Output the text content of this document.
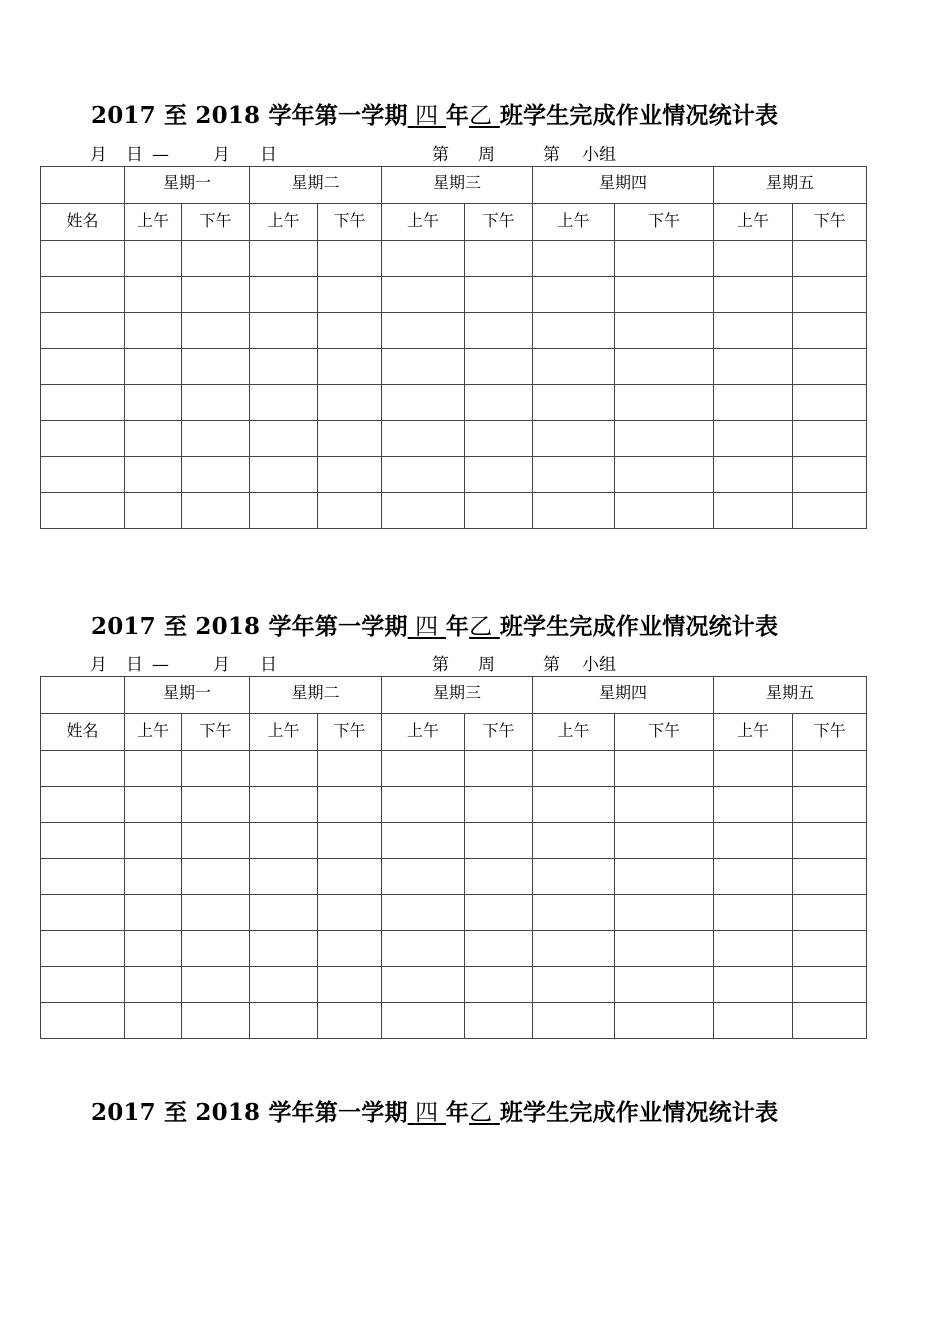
2017 至 2018 学年第一学期 四 年乙 班学生完成作业情况统计表
月 日 —	月 日	第 周	第 小组
	星期一		星期二		星期三		星期四		星期五	
姓名	上午	下午	上午	下午	上午	下午	上午	下午	上午	下午

2017 至 2018 学年第一学期 四 年乙 班学生完成作业情况统计表
月 日 —	月 日	第 周	第 小组
	星期一		星期二		星期三		星期四		星期五	
姓名	上午	下午	上午	下午	上午	下午	上午	下午	上午	下午

2017 至 2018 学年第一学期 四 年乙 班学生完成作业情况统计表
